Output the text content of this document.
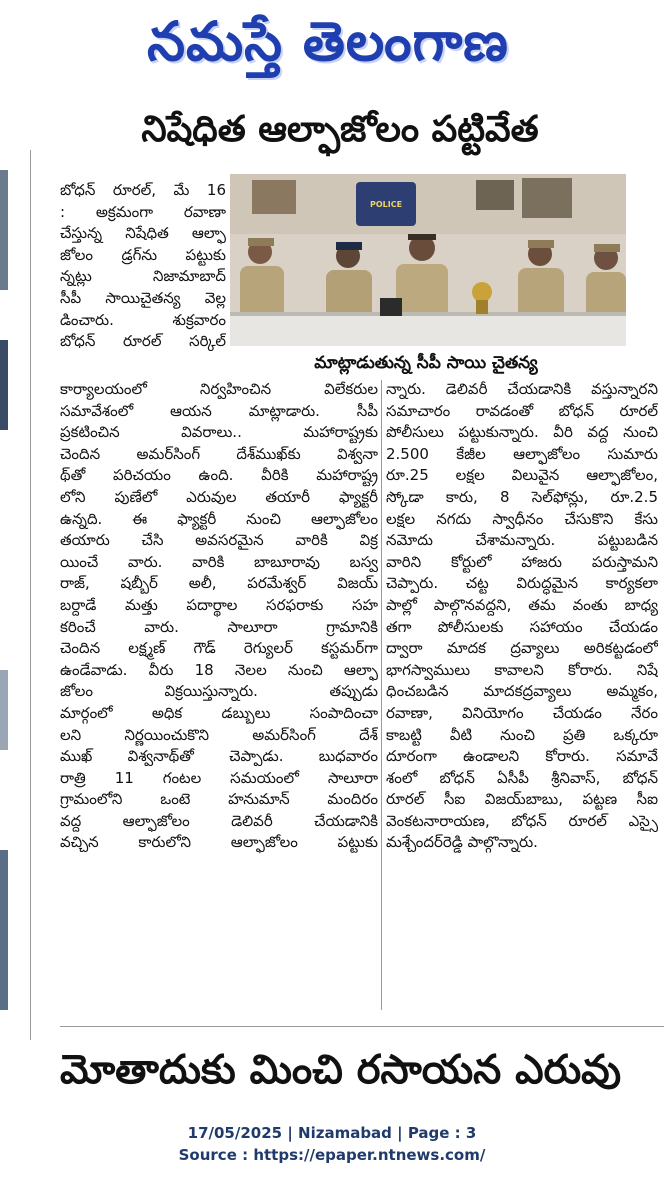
నమస్తే తెలంగాణ
నిషేధిత ఆల్ఫాజోలం పట్టివేత
POLICE
మాట్లాడుతున్న సీపీ సాయి చైతన్య
బోధన్ రూరల్, మే 16
: అక్రమంగా రవాణా
చేస్తున్న నిషేధిత ఆల్ఫా
జోలం డ్రగ్‌ను పట్టుకు
న్నట్లు నిజామాబాద్
సీపీ సాయిచైతన్య వెల్ల
డించారు. శుక్రవారం
బోధన్ రూరల్ సర్కిల్
కార్యాలయంలో నిర్వహించిన విలేకరుల
సమావేశంలో ఆయన మాట్లాడారు. సీపీ
ప్రకటించిన వివరాలు.. మహారాష్ట్రకు
చెందిన అమర్‌సింగ్ దేశ్‌ముఖ్‌కు విశ్వనా
థ్‌తో పరిచయం ఉంది. వీరికి మహారాష్ట్ర
లోని పుణేలో ఎరువుల తయారీ ఫ్యాక్టరీ
ఉన్నది. ఈ ఫ్యాక్టరీ నుంచి ఆల్ఫాజోలం
తయారు చేసి అవసరమైన వారికి విక్ర
యించే వారు. వారికి బాబూరావు బస్వ
రాజ్, షబ్బీర్ అలీ, పరమేశ్వర్ విజయ్
బర్దాడే మత్తు పదార్థాల సరఫరాకు సహ
కరించే వారు. సాలూరా గ్రామానికి
చెందిన లక్ష్మణ్ గౌడ్ రెగ్యులర్ కస్టమర్‌గా
ఉండేవాడు. వీరు 18 నెలల నుంచి ఆల్ఫా
జోలం విక్రయిస్తున్నారు. తప్పుడు
మార్గంలో అధిక డబ్బులు సంపాదించా
లని నిర్ణయించుకొని అమర్‌సింగ్ దేశ్
ముఖ్ విశ్వనాథ్‌తో చెప్పాడు. బుధవారం
రాత్రి 11 గంటల సమయంలో సాలూరా
గ్రామంలోని ఒంటె హనుమాన్ మందిరం
వద్ద ఆల్ఫాజోలం డెలివరీ చేయడానికి
వచ్చిన కారులోని ఆల్ఫాజోలం పట్టుకు
న్నారు. డెలివరీ చేయడానికి వస్తున్నారని
సమాచారం రావడంతో బోధన్ రూరల్
పోలీసులు పట్టుకున్నారు. వీరి వద్ద నుంచి
2.500 కేజీల ఆల్ఫాజోలం సుమారు
రూ.25 లక్షల విలువైన ఆల్ఫాజోలం,
స్కోడా కారు, 8 సెల్‌ఫోన్లు, రూ.2.5
లక్షల నగదు స్వాధీనం చేసుకొని కేసు
నమోదు చేశామన్నారు. పట్టుబడిన
వారిని కోర్టులో హాజరు పరుస్తామని
చెప్పారు. చట్ట విరుద్ధమైన కార్యకలా
పాల్లో పాల్గొనవద్దని, తమ వంతు బాధ్య
తగా పోలీసులకు సహాయం చేయడం
ద్వారా మాదక ద్రవ్యాలు అరికట్టడంలో
భాగస్వాములు కావాలని కోరారు. నిషే
ధించబడిన మాదకద్రవ్యాలు అమ్మకం,
రవాణా, వినియోగం చేయడం నేరం
కాబట్టి వీటి నుంచి ప్రతి ఒక్కరూ
దూరంగా ఉండాలని కోరారు. సమావే
శంలో బోధన్ ఏసీపీ శ్రీనివాస్, బోధన్
రూరల్ సీఐ విజయ్‌బాబు, పట్టణ సీఐ
వెంకటనారాయణ, బోధన్ రూరల్ ఎస్సై
మశ్చేందర్‌రెడ్డి పాల్గొన్నారు.
మోతాదుకు మించి రసాయన ఎరువు
17/05/2025 | Nizamabad | Page : 3
Source : https://epaper.ntnews.com/
